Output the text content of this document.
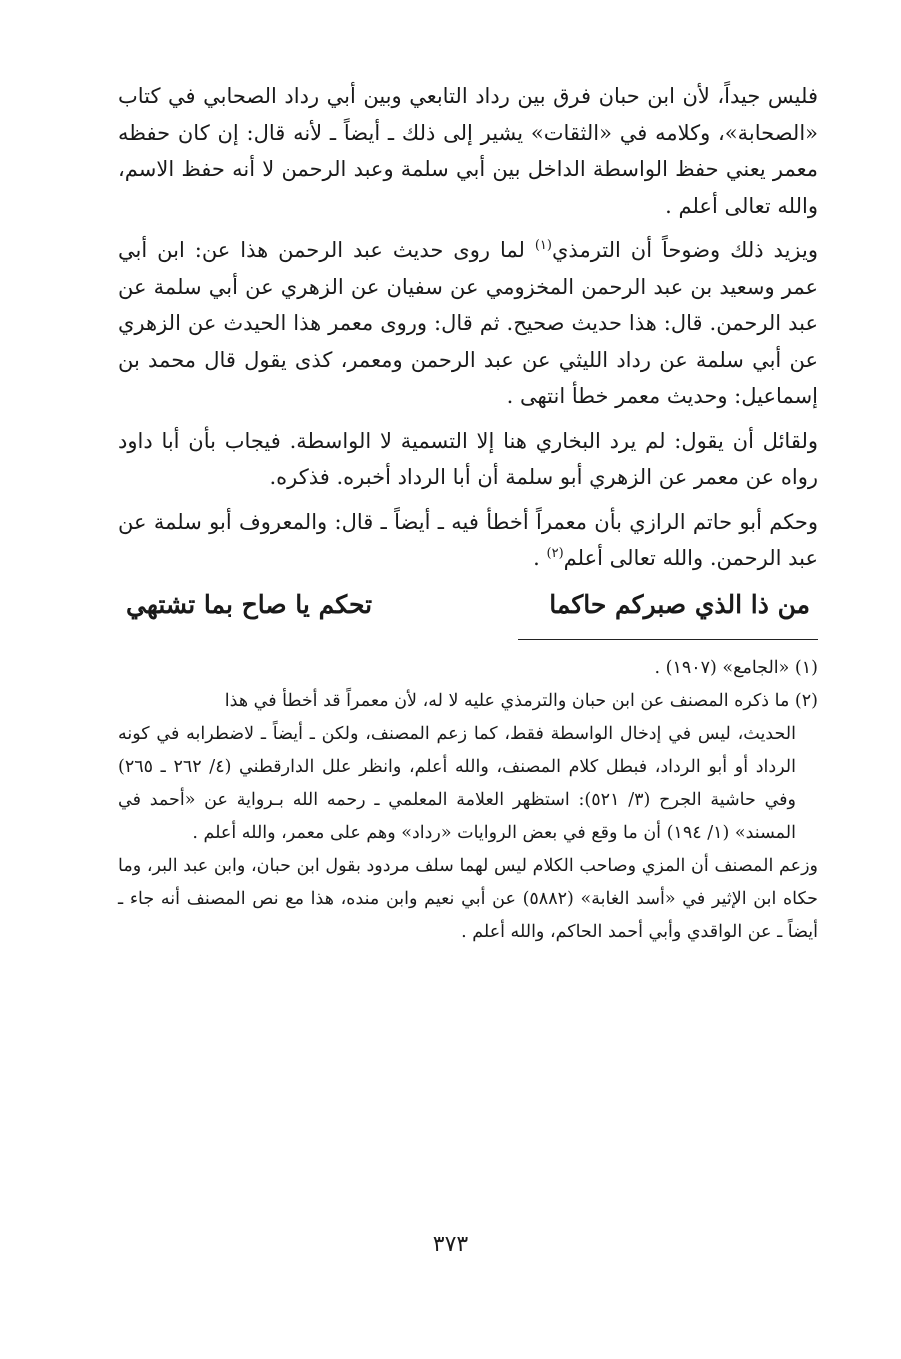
فليس جيداً، لأن ابن حبان فرق بين رداد التابعي وبين أبي رداد الصحابي في كتاب «الصحابة»، وكلامه في «الثقات» يشير إلى ذلك ـ أيضاً ـ لأنه قال: إن كان حفظه معمر يعني حفظ الواسطة الداخل بين أبي سلمة وعبد الرحمن لا أنه حفظ الاسم، والله تعالى أعلم .

ويزيد ذلك وضوحاً أن الترمذي$^{(١)}$ لما روى حديث عبد الرحمن هذا عن: ابن أبي عمر وسعيد بن عبد الرحمن المخزومي عن سفيان عن الزهري عن أبي سلمة عن عبد الرحمن. قال: هذا حديث صحيح. ثم قال: وروى معمر هذا الحيدث عن الزهري عن أبي سلمة عن رداد الليثي عن عبد الرحمن ومعمر، كذى يقول قال محمد بن إسماعيل: وحديث معمر خطأ انتهى .

ولقائل أن يقول: لم يرد البخاري هنا إلا التسمية لا الواسطة. فيجاب بأن أبا داود رواه عن معمر عن الزهري أبو سلمة أن أبا الرداد أخبره. فذكره.

وحكم أبو حاتم الرازي بأن معمراً أخطأ فيه ـ أيضاً ـ قال: والمعروف أبو سلمة عن عبد الرحمن. والله تعالى أعلم$^{(٢)}$ .

من ذا الذي صبركم حاكما
تحكم يا صاح بما تشتهي

(١) «الجامع» (١٩٠٧) .

(٢) ما ذكره المصنف عن ابن حبان والترمذي عليه لا له، لأن معمراً قد أخطأ في هذا

الحديث، ليس في إدخال الواسطة فقط، كما زعم المصنف، ولكن ـ أيضاً ـ لاضطرابه في كونه الرداد أو أبو الرداد، فبطل كلام المصنف، والله أعلم، وانظر علل الدارقطني (٤/ ٢٦٢ ـ ٢٦٥) وفي حاشية الجرح (٣/ ٥٢١): استظهر العلامة المعلمي ـ رحمه الله بـرواية عن «أحمد في المسند» (١/ ١٩٤) أن ما وقع في بعض الروايات «رداد» وهم على معمر، والله أعلم .

وزعم المصنف أن المزي وصاحب الكلام ليس لهما سلف مردود بقول ابن حبان، وابن عبد البر، وما حكاه ابن الإثير في «أسد الغابة» (٥٨٨٢) عن أبي نعيم وابن منده، هذا مع نص المصنف أنه جاء ـ أيضاً ـ عن الواقدي وأبي أحمد الحاكم، والله أعلم .

٣٧٣
